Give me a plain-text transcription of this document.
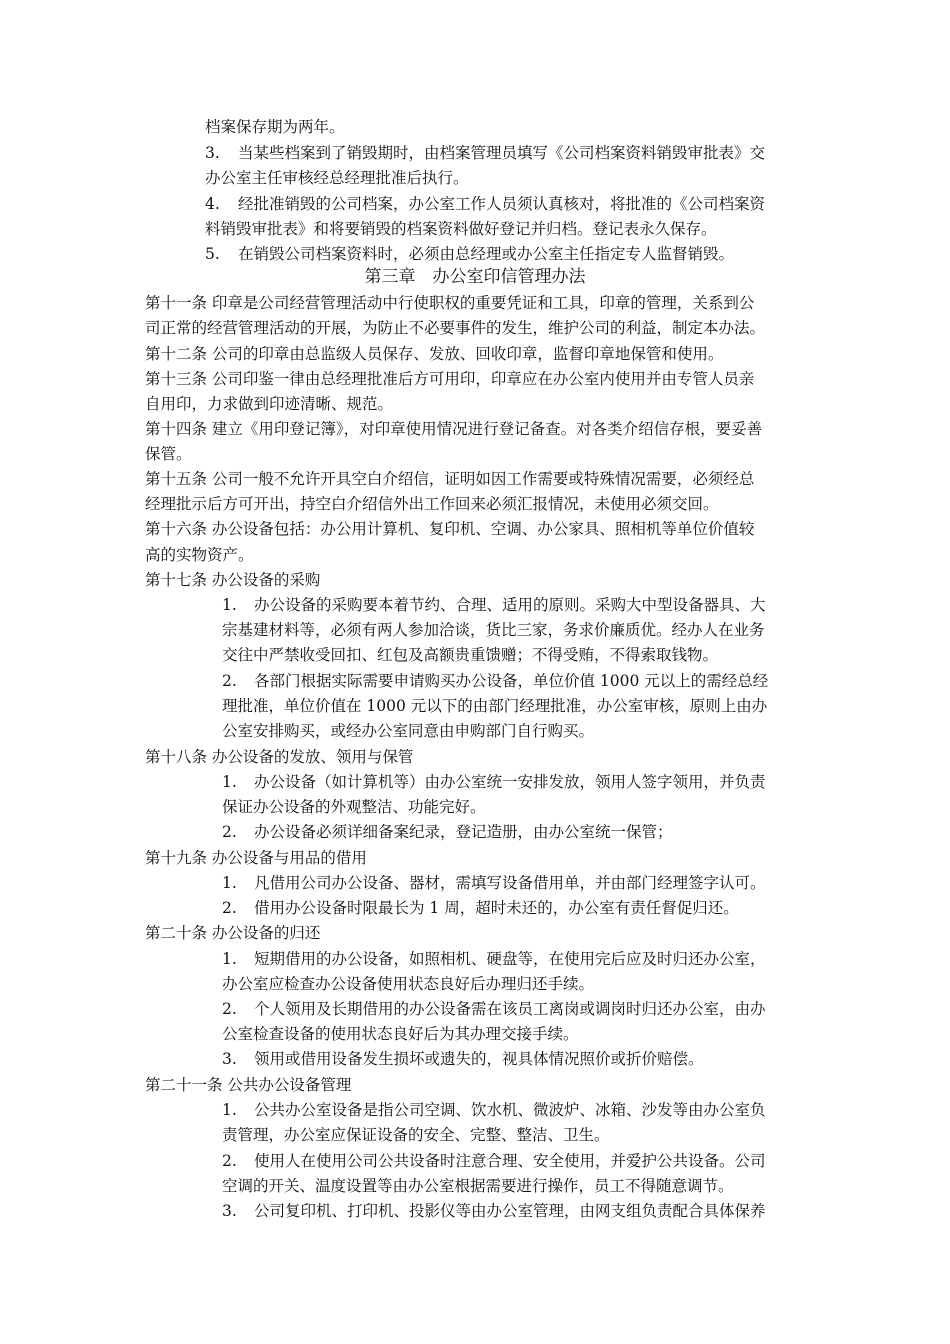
档案保存期为两年。
3. 当某些档案到了销毁期时，由档案管理员填写《公司档案资料销毁审批表》交
办公室主任审核经总经理批准后执行。
4. 经批准销毁的公司档案，办公室工作人员须认真核对，将批准的《公司档案资
料销毁审批表》和将要销毁的档案资料做好登记并归档。登记表永久保存。
5. 在销毁公司档案资料时，必须由总经理或办公室主任指定专人监督销毁。
第三章　办公室印信管理办法
第十一条 印章是公司经营管理活动中行使职权的重要凭证和工具，印章的管理，关系到公
司正常的经营管理活动的开展，为防止不必要事件的发生，维护公司的利益，制定本办法。
第十二条 公司的印章由总监级人员保存、发放、回收印章，监督印章地保管和使用。
第十三条 公司印鉴一律由总经理批准后方可用印，印章应在办公室内使用并由专管人员亲
自用印，力求做到印迹清晰、规范。
第十四条 建立《用印登记簿》，对印章使用情况进行登记备查。对各类介绍信存根，要妥善
保管。
第十五条 公司一般不允许开具空白介绍信，证明如因工作需要或特殊情况需要，必须经总
经理批示后方可开出，持空白介绍信外出工作回来必须汇报情况，未使用必须交回。
第十六条 办公设备包括：办公用计算机、复印机、空调、办公家具、照相机等单位价值较
高的实物资产。
第十七条 办公设备的采购
1. 办公设备的采购要本着节约、合理、适用的原则。采购大中型设备器具、大
宗基建材料等，必须有两人参加洽谈，货比三家，务求价廉质优。经办人在业务
交往中严禁收受回扣、红包及高额贵重馈赠；不得受贿，不得索取钱物。
2. 各部门根据实际需要申请购买办公设备，单位价值 1000 元以上的需经总经
理批准，单位价值在 1000 元以下的由部门经理批准，办公室审核，原则上由办
公室安排购买，或经办公室同意由申购部门自行购买。
第十八条 办公设备的发放、领用与保管
1. 办公设备（如计算机等）由办公室统一安排发放，领用人签字领用，并负责
保证办公设备的外观整洁、功能完好。
2. 办公设备必须详细备案纪录，登记造册，由办公室统一保管；
第十九条 办公设备与用品的借用
1. 凡借用公司办公设备、器材，需填写设备借用单，并由部门经理签字认可。
2. 借用办公设备时限最长为 1 周，超时未还的，办公室有责任督促归还。
第二十条 办公设备的归还
1. 短期借用的办公设备，如照相机、硬盘等，在使用完后应及时归还办公室，
办公室应检查办公设备使用状态良好后办理归还手续。
2. 个人领用及长期借用的办公设备需在该员工离岗或调岗时归还办公室，由办
公室检查设备的使用状态良好后为其办理交接手续。
3. 领用或借用设备发生损坏或遗失的，视具体情况照价或折价赔偿。
第二十一条 公共办公设备管理
1. 公共办公室设备是指公司空调、饮水机、微波炉、冰箱、沙发等由办公室负
责管理，办公室应保证设备的安全、完整、整洁、卫生。
2. 使用人在使用公司公共设备时注意合理、安全使用，并爱护公共设备。公司
空调的开关、温度设置等由办公室根据需要进行操作，员工不得随意调节。
3. 公司复印机、打印机、投影仪等由办公室管理，由网支组负责配合具体保养
